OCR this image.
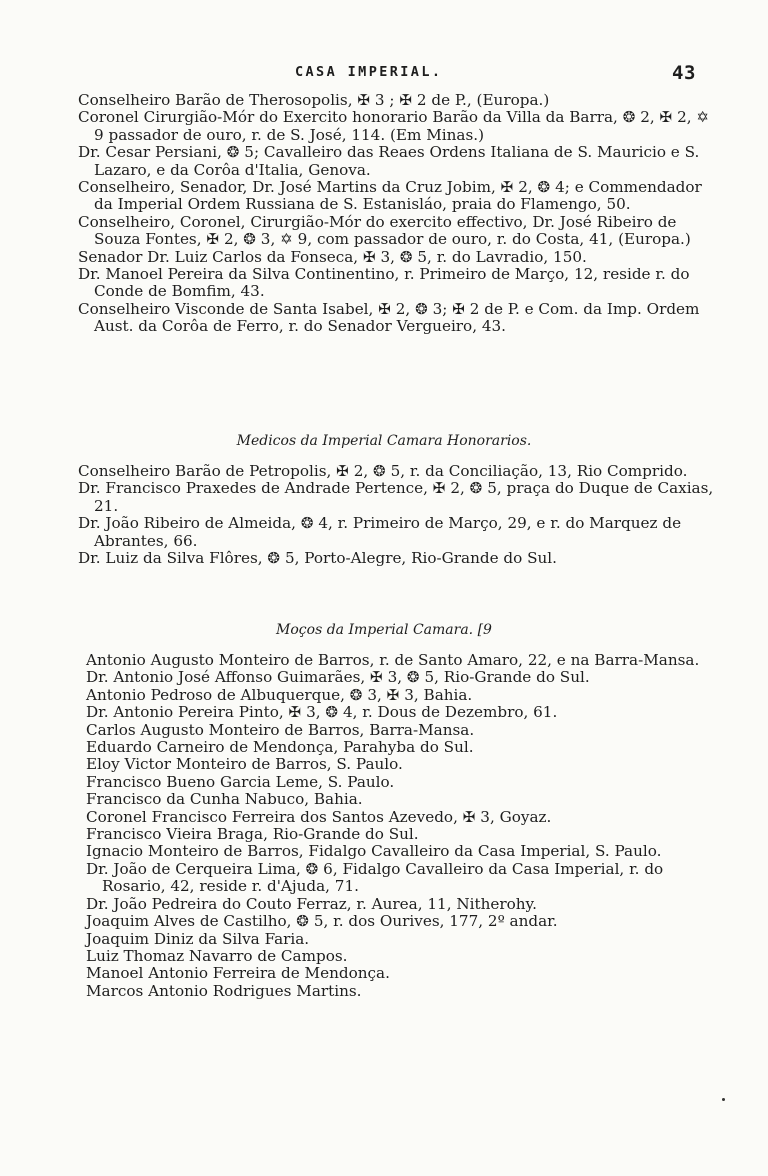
CASA IMPERIAL.	43

Conselheiro Barão de Therosopolis, ✠ 3 ; ✠ 2 de P., (Europa.)

Coronel Cirurgião-Mór do Exercito honorario Barão da Villa da Barra, ❂ 2, ✠ 2, ✡ 9 passador de ouro, r. de S. José, 114. (Em Minas.)

Dr. Cesar Persiani, ❂ 5; Cavalleiro das Reaes Ordens Italiana de S. Mauricio e S. Lazaro, e da Corôa d'Italia, Genova.

Conselheiro, Senador, Dr. José Martins da Cruz Jobim, ✠ 2, ❂ 4; e Commendador da Imperial Ordem Russiana de S. Estanisláo, praia do Flamengo, 50.

Conselheiro, Coronel, Cirurgião-Mór do exercito effectivo, Dr. José Ribeiro de Souza Fontes, ✠ 2, ❂ 3, ✡ 9, com passador de ouro, r. do Costa, 41, (Europa.)

Senador Dr. Luiz Carlos da Fonseca, ✠ 3, ❂ 5, r. do Lavradio, 150.

Dr. Manoel Pereira da Silva Continentino, r. Primeiro de Março, 12, reside r. do Conde de Bomfim, 43.

Conselheiro Visconde de Santa Isabel, ✠ 2, ❂ 3; ✠ 2 de P. e Com. da Imp. Ordem Aust. da Corôa de Ferro, r. do Senador Vergueiro, 43.

Medicos da Imperial Camara Honorarios.

Conselheiro Barão de Petropolis, ✠ 2, ❂ 5, r. da Conciliação, 13, Rio Comprido.

Dr. Francisco Praxedes de Andrade Pertence, ✠ 2, ❂ 5, praça do Duque de Caxias, 21.

Dr. João Ribeiro de Almeida, ❂ 4, r. Primeiro de Março, 29, e r. do Marquez de Abrantes, 66.

Dr. Luiz da Silva Flôres, ❂ 5, Porto-Alegre, Rio-Grande do Sul.

Moços da Imperial Camara. [9

Antonio Augusto Monteiro de Barros, r. de Santo Amaro, 22, e na Barra-Mansa.

Dr. Antonio José Affonso Guimarães, ✠ 3, ❂ 5, Rio-Grande do Sul.

Antonio Pedroso de Albuquerque, ❂ 3, ✠ 3, Bahia.

Dr. Antonio Pereira Pinto, ✠ 3, ❂ 4, r. Dous de Dezembro, 61.

Carlos Augusto Monteiro de Barros, Barra-Mansa.

Eduardo Carneiro de Mendonça, Parahyba do Sul.

Eloy Victor Monteiro de Barros, S. Paulo.

Francisco Bueno Garcia Leme, S. Paulo.

Francisco da Cunha Nabuco, Bahia.

Coronel Francisco Ferreira dos Santos Azevedo, ✠ 3, Goyaz.

Francisco Vieira Braga, Rio-Grande do Sul.

Ignacio Monteiro de Barros, Fidalgo Cavalleiro da Casa Imperial, S. Paulo.

Dr. João de Cerqueira Lima, ❂ 6, Fidalgo Cavalleiro da Casa Imperial, r. do Rosario, 42, reside r. d'Ajuda, 71.

Dr. João Pedreira do Couto Ferraz, r. Aurea, 11, Nitherohy.

Joaquim Alves de Castilho, ❂ 5, r. dos Ourives, 177, 2º andar.

Joaquim Diniz da Silva Faria.

Luiz Thomaz Navarro de Campos.

Manoel Antonio Ferreira de Mendonça.

Marcos Antonio Rodrigues Martins.
